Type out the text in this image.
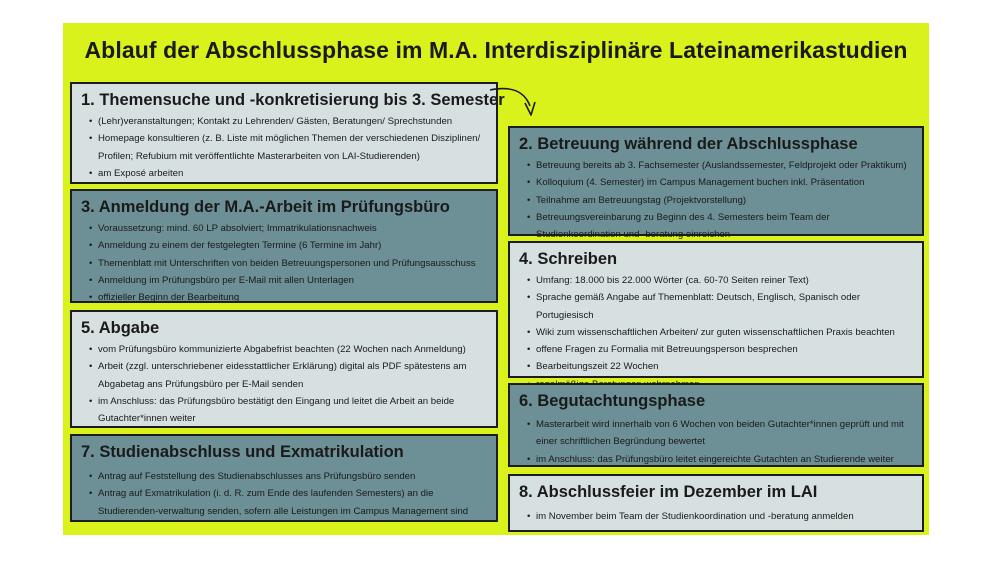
Ablauf der Abschlussphase im M.A. Interdisziplinäre Lateinamerikastudien
1. Themensuche und -konkretisierung bis 3. Semester
• (Lehr)veranstaltungen; Kontakt zu Lehrenden/ Gästen, Beratungen/ Sprechstunden
• Homepage konsultieren (z. B. Liste mit möglichen Themen der verschiedenen Disziplinen/ Profilen; Refubium mit veröffentlichte Masterarbeiten von LAI-Studierenden)
• am Exposé arbeiten
3. Anmeldung der M.A.-Arbeit im Prüfungsbüro
• Voraussetzung: mind. 60 LP absolviert; Immatrikulationsnachweis
• Anmeldung zu einem der festgelegten Termine (6 Termine im Jahr)
• Themenblatt mit Unterschriften von beiden Betreuungspersonen und Prüfungsausschuss
• Anmeldung im Prüfungsbüro per E-Mail mit allen Unterlagen
• offizieller Beginn der Bearbeitung
5. Abgabe
• vom Prüfungsbüro kommunizierte Abgabefrist beachten (22 Wochen nach Anmeldung)
• Arbeit (zzgl. unterschriebener eidesstattlicher Erklärung) digital als PDF spätestens am Abgabetag ans Prüfungsbüro per E-Mail senden
• im Anschluss: das Prüfungsbüro bestätigt den Eingang und leitet die Arbeit an beide Gutachter*innen weiter
7. Studienabschluss und Exmatrikulation
• Antrag auf Feststellung des Studienabschlusses ans Prüfungsbüro senden
• Antrag auf Exmatrikulation (i. d. R. zum Ende des laufenden Semesters) an die Studierenden-verwaltung senden, sofern alle Leistungen im Campus Management sind
2. Betreuung während der Abschlussphase
• Betreuung bereits ab 3. Fachsemester (Auslandssemester, Feldprojekt oder Praktikum)
• Kolloquium (4. Semester) im Campus Management buchen inkl. Präsentation
• Teilnahme am Betreuungstag (Projektvorstellung)
• Betreuungsvereinbarung zu Beginn des 4. Semesters beim Team der Studienkoordination und -beratung einreichen
4. Schreiben
• Umfang: 18.000 bis 22.000 Wörter (ca. 60-70 Seiten reiner Text)
• Sprache gemäß Angabe auf Themenblatt: Deutsch, Englisch, Spanisch oder Portugiesisch
• Wiki zum wissenschaftlichen Arbeiten/ zur guten wissenschaftlichen Praxis beachten
• offene Fragen zu Formalia mit Betreuungsperson besprechen
• Bearbeitungszeit 22 Wochen
•
6. Begutachtungsphase
• Masterarbeit wird innerhalb von 6 Wochen von beiden Gutachter*innen geprüft und mit einer schriftlichen Begründung bewertet
• im Anschluss: das Prüfungsbüro leitet eingereichte Gutachten an Studierende weiter
8. Abschlussfeier im Dezember im LAI
• im November beim Team der Studienkoordination und -beratung anmelden
